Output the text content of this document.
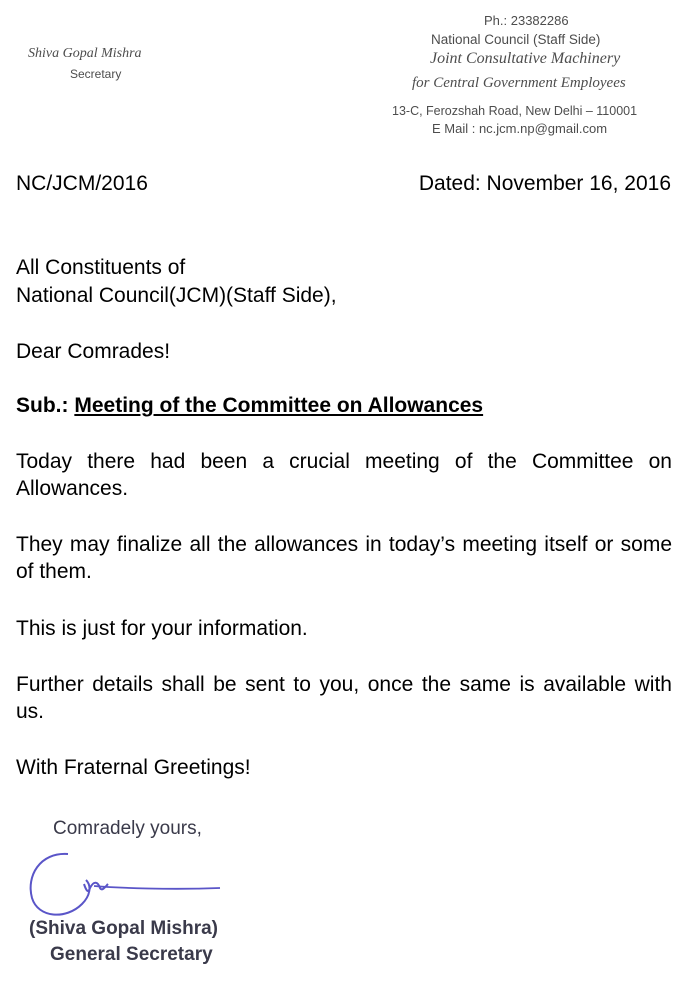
Shiva Gopal Mishra
Secretary
Ph.: 23382286
National Council (Staff Side)
Joint Consultative Machinery
for Central Government Employees
13-C, Ferozshah Road, New Delhi – 110001
E Mail : nc.jcm.np@gmail.com
NC/JCM/2016	Dated: November 16, 2016
All Constituents of
National Council(JCM)(Staff Side),
Dear Comrades!
Sub.: Meeting of the Committee on Allowances
Today there had been a crucial meeting of the Committee on Allowances.
They may finalize all the allowances in today’s meeting itself or some of them.
This is just for your information.
Further details shall be sent to you, once the same is available with us.
With Fraternal Greetings!
Comradely yours,
(Shiva Gopal Mishra)
General Secretary
